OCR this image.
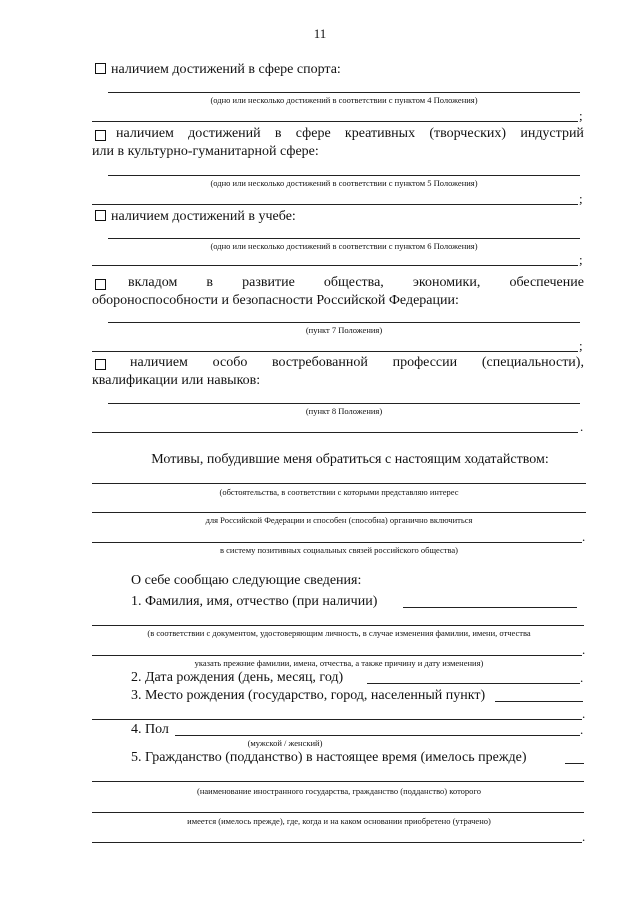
11
наличием достижений в сфере спорта:
(одно или несколько достижений в соответствии с пунктом 4 Положения)
;
наличием достижений в сфере креативных (творческих) индустрий
или в культурно-гуманитарной сфере:
(одно или несколько достижений в соответствии с пунктом 5 Положения)
;
наличием достижений в учебе:
(одно или несколько достижений в соответствии с пунктом 6 Положения)
;
вкладом в развитие общества, экономики, обеспечение
обороноспособности и безопасности Российской Федерации:
(пункт 7 Положения)
;
наличием особо востребованной профессии (специальности),
квалификации или навыков:
(пункт 8 Положения)
.
Мотивы, побудившие меня обратиться с настоящим ходатайством:
(обстоятельства, в соответствии с которыми представляю интерес
для Российской Федерации и способен (способна) органично включиться
.
в систему позитивных социальных связей российского общества)
О себе сообщаю следующие сведения:
1. Фамилия, имя, отчество (при наличии)
(в соответствии с документом, удостоверяющим личность, в случае изменения фамилии, имени, отчества
.
указать прежние фамилии, имена, отчества, а также причину и дату изменения)
2. Дата рождения (день, месяц, год)	.
3. Место рождения (государство, город, населенный пункт)
.
4. Пол	.
(мужской / женский)
5. Гражданство (подданство) в настоящее время (имелось прежде)
(наименование иностранного государства, гражданство (подданство) которого
имеется (имелось прежде), где, когда и на каком основании приобретено (утрачено)
.
